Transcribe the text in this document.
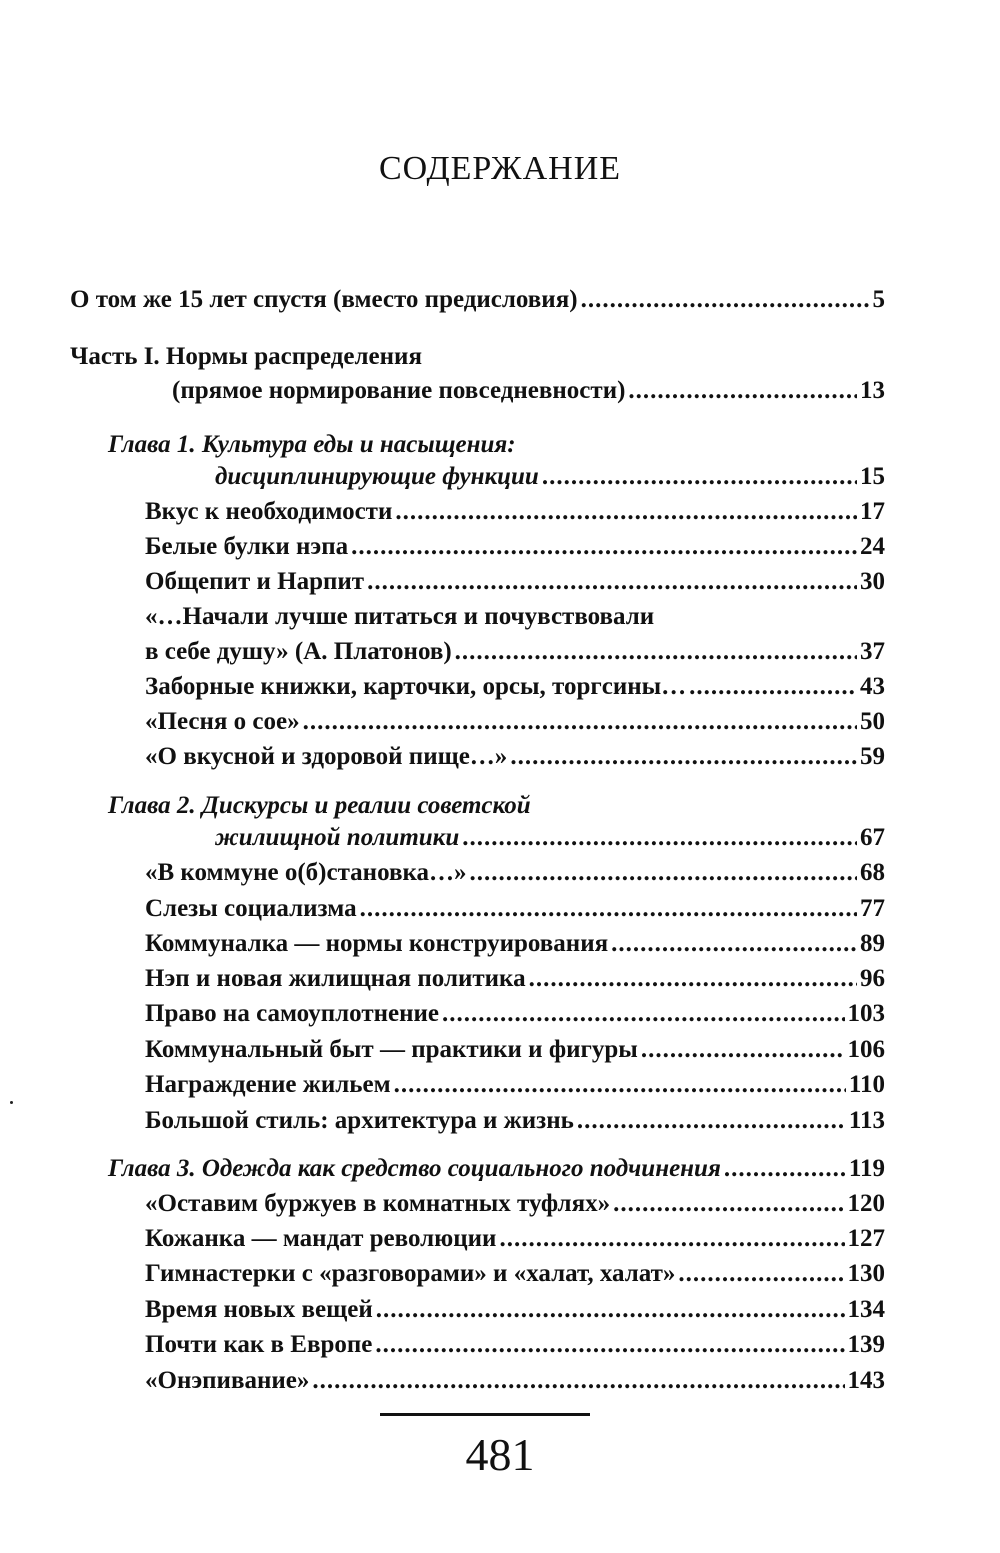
СОДЕРЖАНИЕ
О том же 15 лет спустя (вместо предисловия) .....	5
Часть I. Нормы распределения
(прямое нормирование повседневности) .....	13
Глава 1. Культура еды и насыщения:
дисциплинирующие функции .....	15
Вкус к необходимости .....	17
Белые булки нэпа .....	24
Общепит и Нарпит .....	30
«…Начали лучше питаться и почувствовали
в себе душу» (А. Платонов) .....	37
Заборные книжки, карточки, орсы, торгсины… .....	43
«Песня о сое» .....	50
«О вкусной и здоровой пище…» .....	59
Глава 2. Дискурсы и реалии советской
жилищной политики .....	67
«В коммуне о(б)становка…» .....	68
Слезы социализма .....	77
Коммуналка — нормы конструирования .....	89
Нэп и новая жилищная политика .....	96
Право на самоуплотнение .....	103
Коммунальный быт — практики и фигуры .....	106
Награждение жильем .....	110
Большой стиль: архитектура и жизнь .....	113
Глава 3. Одежда как средство социального подчинения .....	119
«Оставим буржуев в комнатных туфлях» .....	120
Кожанка — мандат революции .....	127
Гимнастерки с «разговорами» и «халат, халат» .....	130
Время новых вещей .....	134
Почти как в Европе .....	139
«Онэпивание» .....	143
481
